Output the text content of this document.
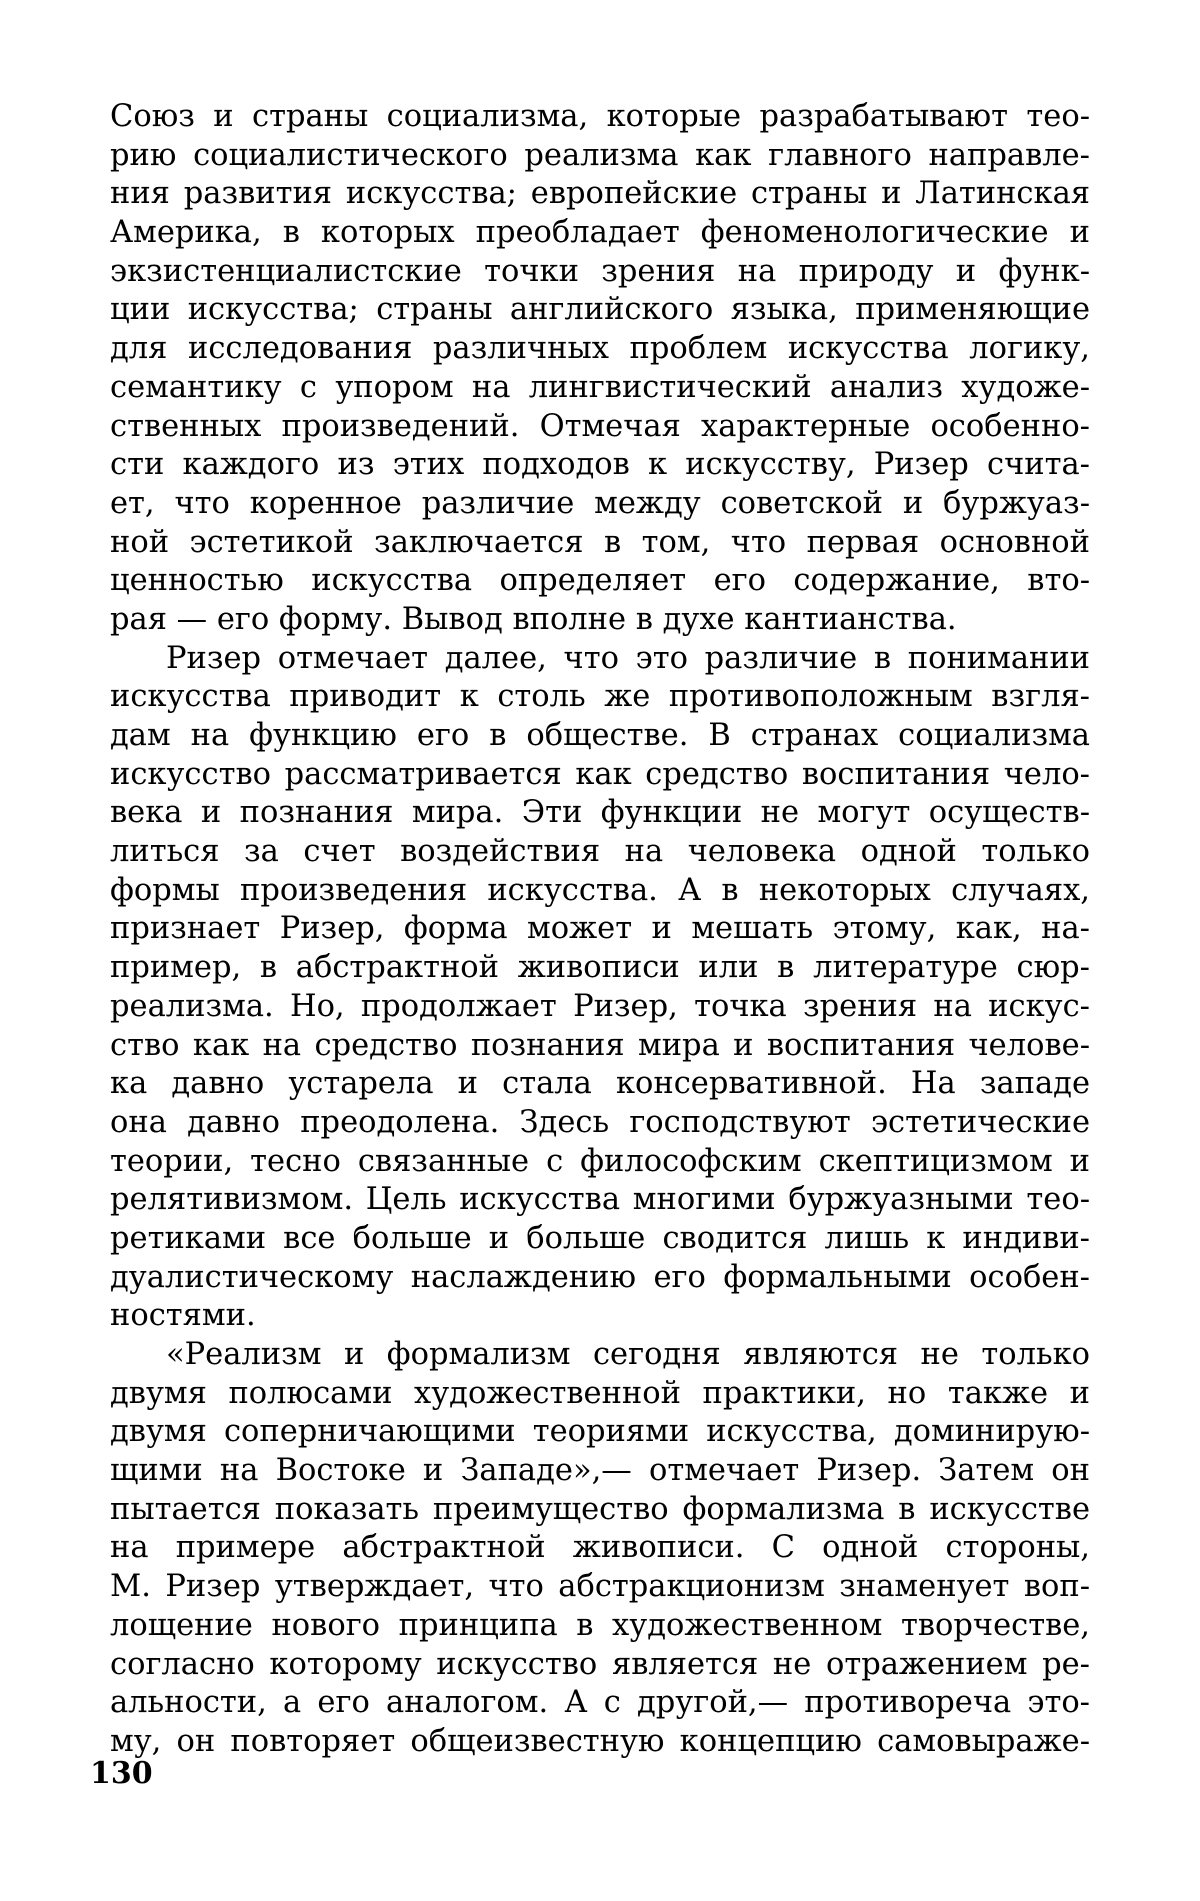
Союз и страны социализма, которые разрабатывают тео-
рию социалистического реализма как главного направле-
ния развития искусства; европейские страны и Латинская
Америка, в которых преобладает феноменологические и
экзистенциалистские точки зрения на природу и функ-
ции искусства; страны английского языка, применяющие
для исследования различных проблем искусства логику,
семантику с упором на лингвистический анализ художе-
ственных произведений. Отмечая характерные особенно-
сти каждого из этих подходов к искусству, Ризер счита-
ет, что коренное различие между советской и буржуаз-
ной эстетикой заключается в том, что первая основной
ценностью искусства определяет его содержание, вто-
рая — его форму. Вывод вполне в духе кантианства.
Ризер отмечает далее, что это различие в понимании
искусства приводит к столь же противоположным взгля-
дам на функцию его в обществе. В странах социализма
искусство рассматривается как средство воспитания чело-
века и познания мира. Эти функции не могут осуществ-
литься за счет воздействия на человека одной только
формы произведения искусства. А в некоторых случаях,
признает Ризер, форма может и мешать этому, как, на-
пример, в абстрактной живописи или в литературе сюр-
реализма. Но, продолжает Ризер, точка зрения на искус-
ство как на средство познания мира и воспитания челове-
ка давно устарела и стала консервативной. На западе
она давно преодолена. Здесь господствуют эстетические
теории, тесно связанные с философским скептицизмом и
релятивизмом. Цель искусства многими буржуазными тео-
ретиками все больше и больше сводится лишь к индиви-
дуалистическому наслаждению его формальными особен-
ностями.
«Реализм и формализм сегодня являются не только
двумя полюсами художественной практики, но также и
двумя соперничающими теориями искусства, доминирую-
щими на Востоке и Западе»,— отмечает Ризер. Затем он
пытается показать преимущество формализма в искусстве
на примере абстрактной живописи. С одной стороны,
М. Ризер утверждает, что абстракционизм знаменует воп-
лощение нового принципа в художественном творчестве,
согласно которому искусство является не отражением ре-
альности, а его аналогом. А с другой,— противореча это-
му, он повторяет общеизвестную концепцию самовыраже-
130
